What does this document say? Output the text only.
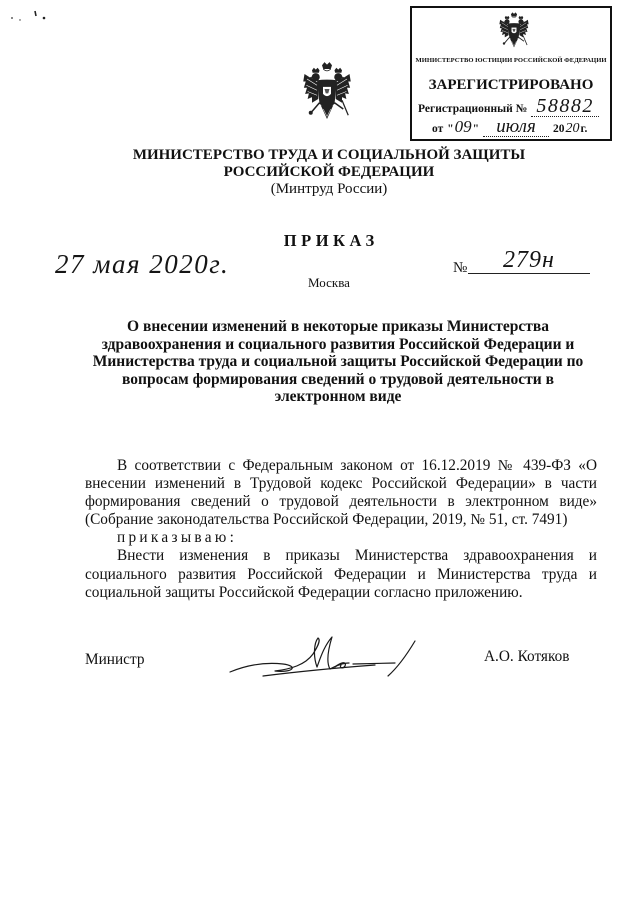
МИНИСТЕРСТВО ЮСТИЦИИ РОССИЙСКОЙ ФЕДЕРАЦИИ
ЗАРЕГИСТРИРОВАНО
Регистрационный № 58882
от " 09 " июля	20 20 г.
МИНИСТЕРСТВО ТРУДА И СОЦИАЛЬНОЙ ЗАЩИТЫ
РОССИЙСКОЙ ФЕДЕРАЦИИ
(Минтруд России)
ПРИКАЗ
27 мая 2020г.	№	279н
Москва
О внесении изменений в некоторые приказы Министерства
здравоохранения и социального развития Российской Федерации и
Министерства труда и социальной защиты Российской Федерации по
вопросам формирования сведений о трудовой деятельности в
электронном виде
В соответствии с Федеральным законом от 16.12.2019 № 439-ФЗ «О
внесении изменений в Трудовой кодекс Российской Федерации» в части
формирования сведений о трудовой деятельности в электронном виде»
(Собрание законодательства Российской Федерации, 2019, № 51, ст. 7491)
приказываю:
Внести изменения в приказы Министерства здравоохранения и
социального развития Российской Федерации и Министерства труда и
социальной защиты Российской Федерации согласно приложению.
Министр	А.О. Котяков
